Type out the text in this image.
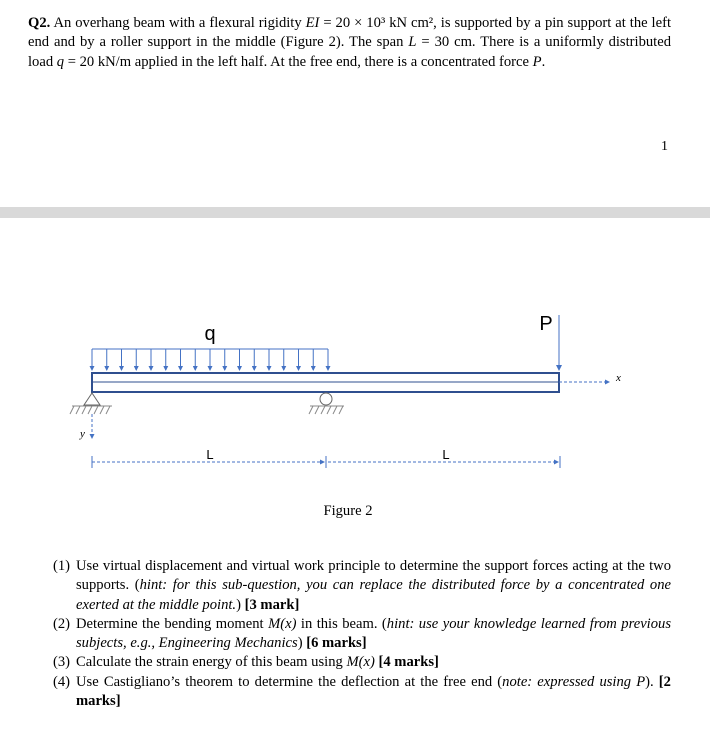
Q2. An overhang beam with a flexural rigidity EI = 20 × 10³ kN cm², is supported by a pin support at the left end and by a roller support in the middle (Figure 2). The span L = 30 cm. There is a uniformly distributed load q = 20 kN/m applied in the left half. At the free end, there is a concentrated force P.
1
q	P
x
y
L	L
Figure 2
(1) Use virtual displacement and virtual work principle to determine the support forces acting at the two supports. (hint: for this sub-question, you can replace the distributed force by a concentrated one exerted at the middle point.) [3 mark]
(2) Determine the bending moment M(x) in this beam. (hint: use your knowledge learned from previous subjects, e.g., Engineering Mechanics) [6 marks]
(3) Calculate the strain energy of this beam using M(x) [4 marks]
(4) Use Castigliano’s theorem to determine the deflection at the free end (note: expressed using P). [2 marks]
